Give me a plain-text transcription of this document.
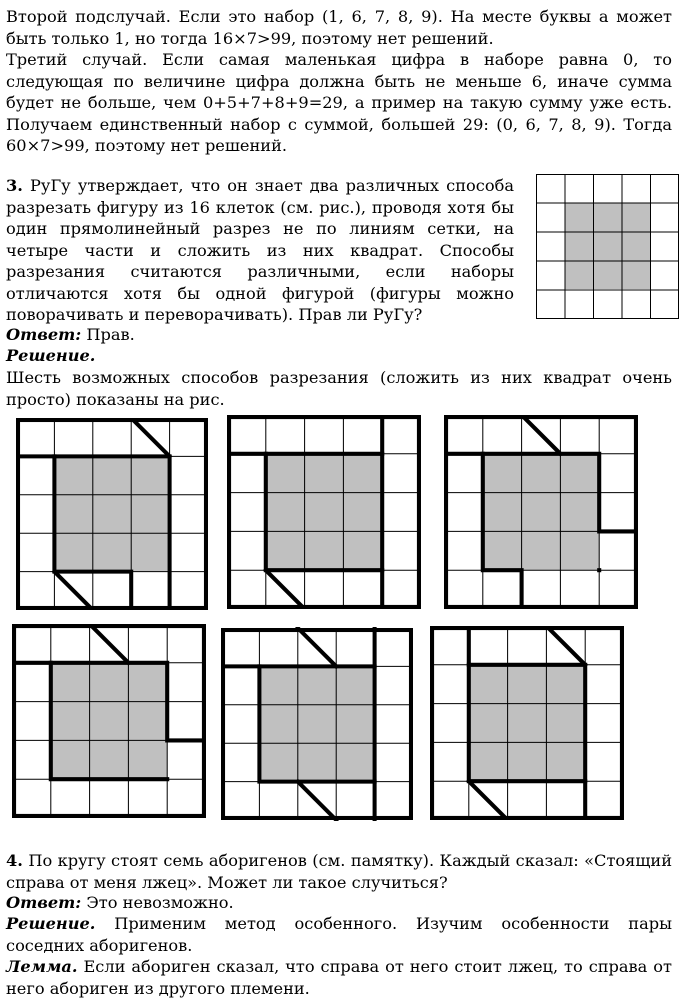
Второй подслучай. Если это набор (1, 6, 7, 8, 9). На месте буквы a может быть только 1, но тогда 16×7>99, поэтому нет решений.

Третий случай. Если самая маленькая цифра в наборе равна 0, то следующая по величине цифра должна быть не меньше 6, иначе сумма будет не больше, чем 0+5+7+8+9=29, а пример на такую сумму уже есть. Получаем единственный набор с суммой, большей 29: (0, 6, 7, 8, 9). Тогда 60×7>99, поэтому нет решений.

3. РуГу утверждает, что он знает два различных способа разрезать фигуру из 16 клеток (см. рис.), проводя хотя бы один прямолинейный разрез не по линиям сетки, на четыре части и сложить из них квадрат. Способы разрезания считаются различными, если наборы отличаются хотя бы одной фигурой (фигуры можно поворачивать и переворачивать). Прав ли РуГу?

Ответ: Прав.

Решение.

Шесть возможных способов разрезания (сложить из них квадрат очень просто) показаны на рис.

4. По кругу стоят семь аборигенов (см. памятку). Каждый сказал: «Стоящий справа от меня лжец». Может ли такое случиться?

Ответ: Это невозможно.

Решение. Применим метод особенного. Изучим особенности пары соседних аборигенов.

Лемма. Если абориген сказал, что справа от него стоит лжец, то справа от него абориген из другого племени.
